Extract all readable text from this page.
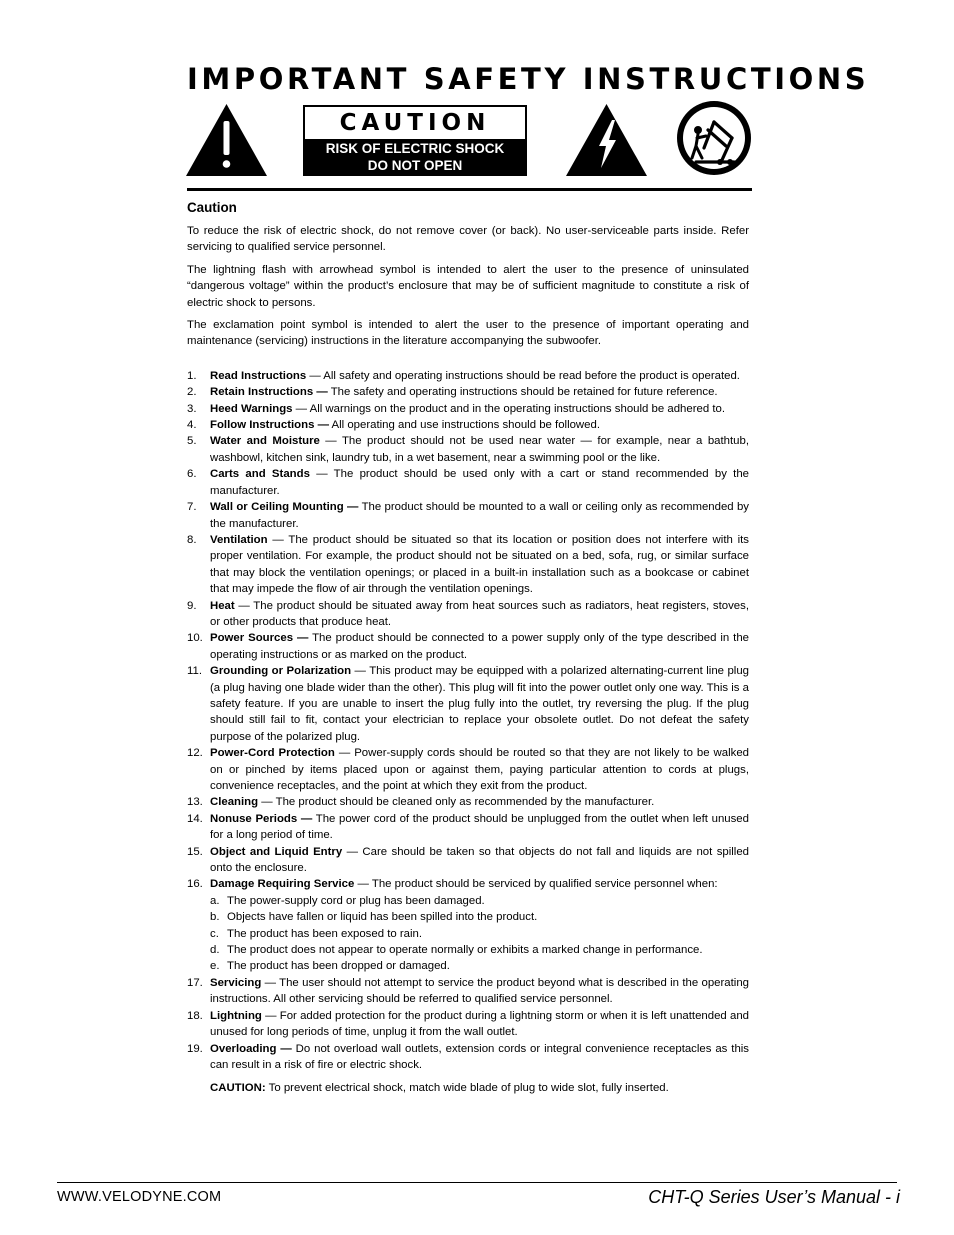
IMPORTANT SAFETY INSTRUCTIONS
CAUTION
RISK OF ELECTRIC SHOCK
DO NOT OPEN
Caution

To reduce the risk of electric shock, do not remove cover (or back). No user-serviceable parts inside. Refer servicing to qualified service personnel.

The lightning flash with arrowhead symbol is intended to alert the user to the presence of uninsulated “dangerous voltage” within the product’s enclosure that may be of sufficient magnitude to constitute a risk of electric shock to persons.

The exclamation point symbol is intended to alert the user to the presence of important operating and maintenance (servicing) instructions in the literature accompanying the subwoofer.

1. Read Instructions — All safety and operating instructions should be read before the product is operated.
2. Retain Instructions — The safety and operating instructions should be retained for future reference.
3. Heed Warnings — All warnings on the product and in the operating instructions should be adhered to.
4. Follow Instructions — All operating and use instructions should be followed.
5. Water and Moisture — The product should not be used near water — for example, near a bathtub, washbowl, kitchen sink, laundry tub, in a wet basement, near a swimming pool or the like.
6. Carts and Stands — The product should be used only with a cart or stand recommended by the manufacturer.
7. Wall or Ceiling Mounting — The product should be mounted to a wall or ceiling only as recommended by the manufacturer.
8. Ventilation — The product should be situated so that its location or position does not interfere with its proper ventilation. For example, the product should not be situated on a bed, sofa, rug, or similar surface that may block the ventilation openings; or placed in a built-in installation such as a bookcase or cabinet that may impede the flow of air through the ventilation openings.
9. Heat — The product should be situated away from heat sources such as radiators, heat registers, stoves, or other products that produce heat.
10. Power Sources — The product should be connected to a power supply only of the type described in the operating instructions or as marked on the product.
11. Grounding or Polarization — This product may be equipped with a polarized alternating-current line plug (a plug having one blade wider than the other). This plug will fit into the power outlet only one way. This is a safety feature. If you are unable to insert the plug fully into the outlet, try reversing the plug. If the plug should still fail to fit, contact your electrician to replace your obsolete outlet. Do not defeat the safety purpose of the polarized plug.
12. Power-Cord Protection — Power-supply cords should be routed so that they are not likely to be walked on or pinched by items placed upon or against them, paying particular attention to cords at plugs, convenience receptacles, and the point at which they exit from the product.
13. Cleaning — The product should be cleaned only as recommended by the manufacturer.
14. Nonuse Periods — The power cord of the product should be unplugged from the outlet when left unused for a long period of time.
15. Object and Liquid Entry — Care should be taken so that objects do not fall and liquids are not spilled onto the enclosure.
16. Damage Requiring Service — The product should be serviced by qualified service personnel when:
a. The power-supply cord or plug has been damaged.
b. Objects have fallen or liquid has been spilled into the product.
c. The product has been exposed to rain.
d. The product does not appear to operate normally or exhibits a marked change in performance.
e. The product has been dropped or damaged.
17. Servicing — The user should not attempt to service the product beyond what is described in the operating instructions. All other servicing should be referred to qualified service personnel.
18. Lightning — For added protection for the product during a lightning storm or when it is left unattended and unused for long periods of time, unplug it from the wall outlet.
19. Overloading — Do not overload wall outlets, extension cords or integral convenience receptacles as this can result in a risk of fire or electric shock.

CAUTION: To prevent electrical shock, match wide blade of plug to wide slot, fully inserted.

WWW.VELODYNE.COM	CHT-Q Series User’s Manual - i
